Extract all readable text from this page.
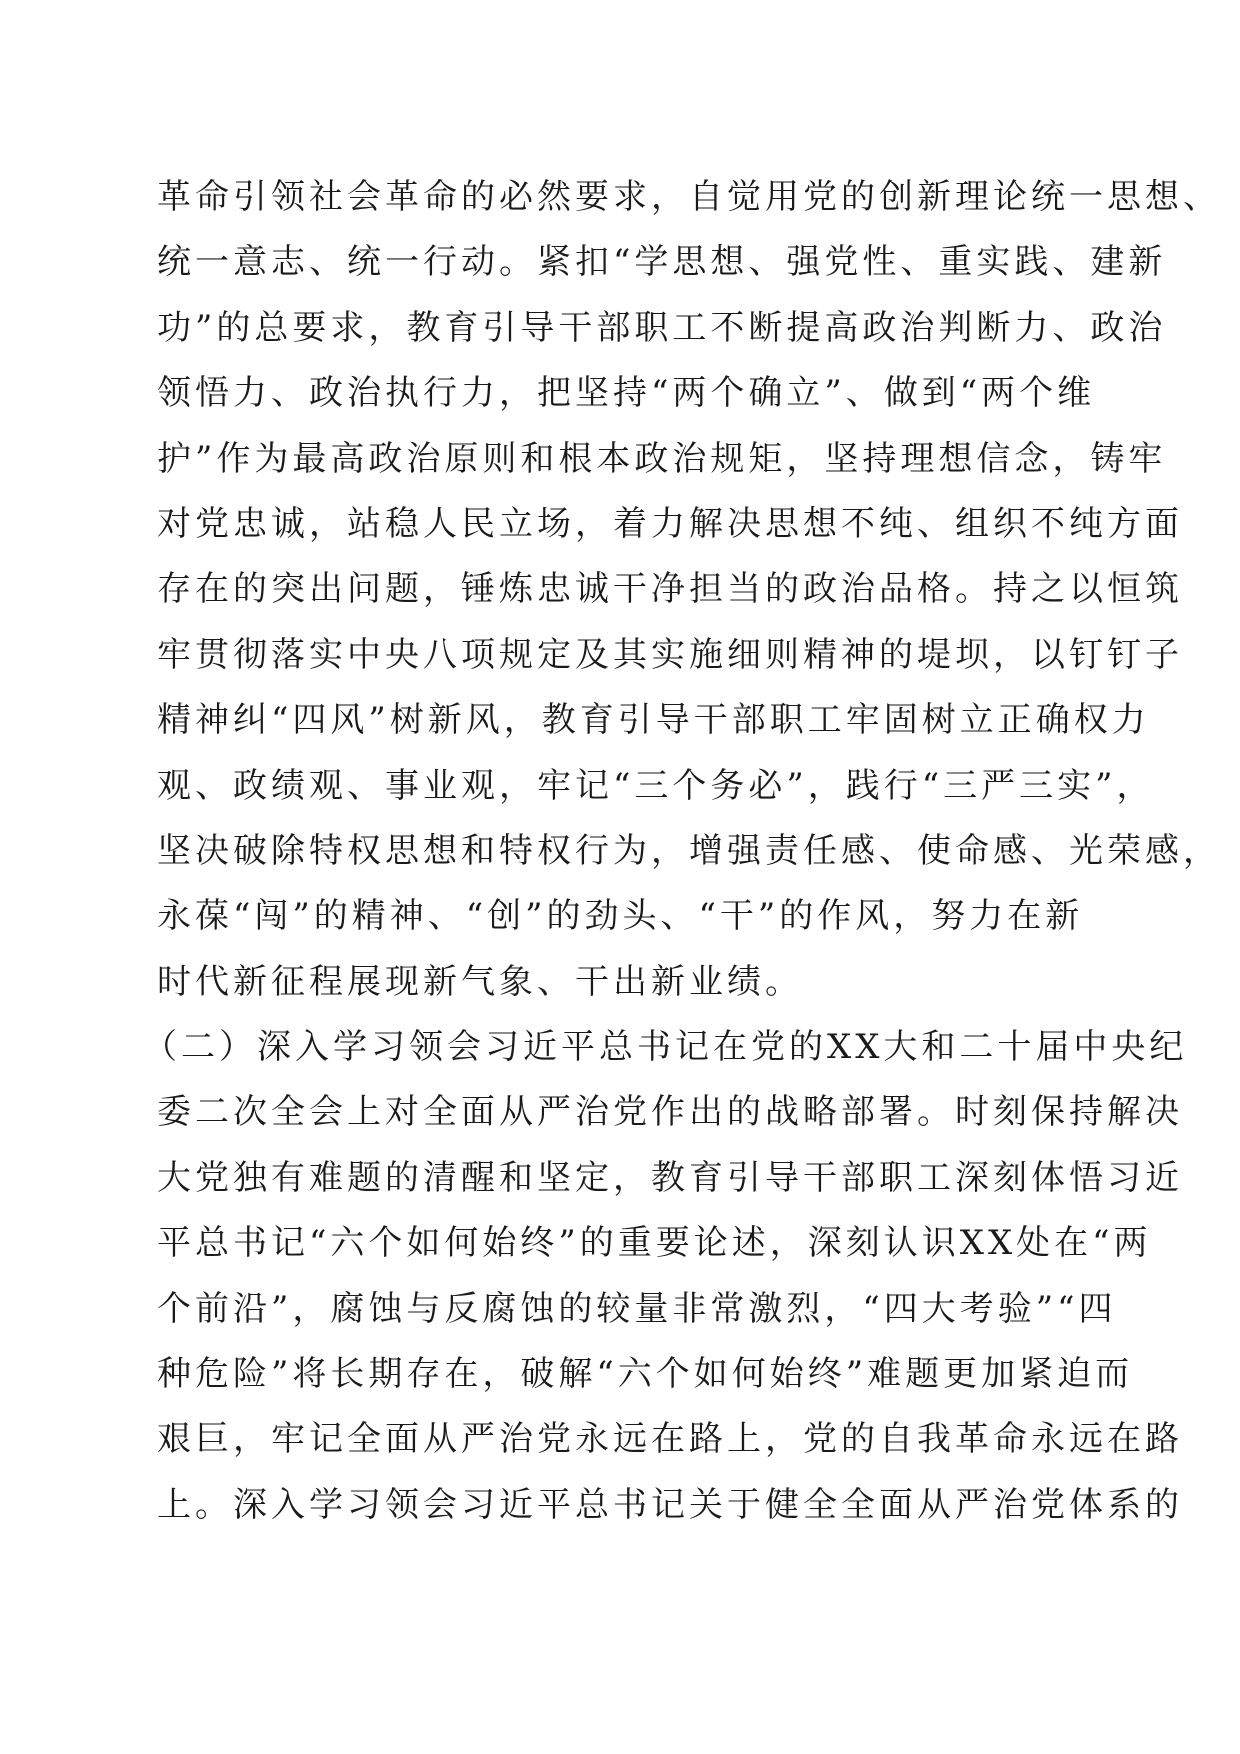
革命引领社会革命的必然要求，自觉用党的创新理论统一思想、
统一意志、统一行动。紧扣“学思想、强党性、重实践、建新
功”的总要求，教育引导干部职工不断提高政治判断力、政治
领悟力、政治执行力，把坚持“两个确立”、做到“两个维
护”作为最高政治原则和根本政治规矩，坚持理想信念，铸牢
对党忠诚，站稳人民立场，着力解决思想不纯、组织不纯方面
存在的突出问题，锤炼忠诚干净担当的政治品格。持之以恒筑
牢贯彻落实中央八项规定及其实施细则精神的堤坝，以钉钉子
精神纠“四风”树新风，教育引导干部职工牢固树立正确权力
观、政绩观、事业观，牢记“三个务必”，践行“三严三实”，
坚决破除特权思想和特权行为，增强责任感、使命感、光荣感，
永葆“闯”的精神、“创”的劲头、“干”的作风，努力在新
时代新征程展现新气象、干出新业绩。
（二）深入学习领会习近平总书记在党的XX大和二十届中央纪
委二次全会上对全面从严治党作出的战略部署。时刻保持解决
大党独有难题的清醒和坚定，教育引导干部职工深刻体悟习近
平总书记“六个如何始终”的重要论述，深刻认识XX处在“两
个前沿”，腐蚀与反腐蚀的较量非常激烈，“四大考验”“四
种危险”将长期存在，破解“六个如何始终”难题更加紧迫而
艰巨，牢记全面从严治党永远在路上，党的自我革命永远在路
上。深入学习领会习近平总书记关于健全全面从严治党体系的
